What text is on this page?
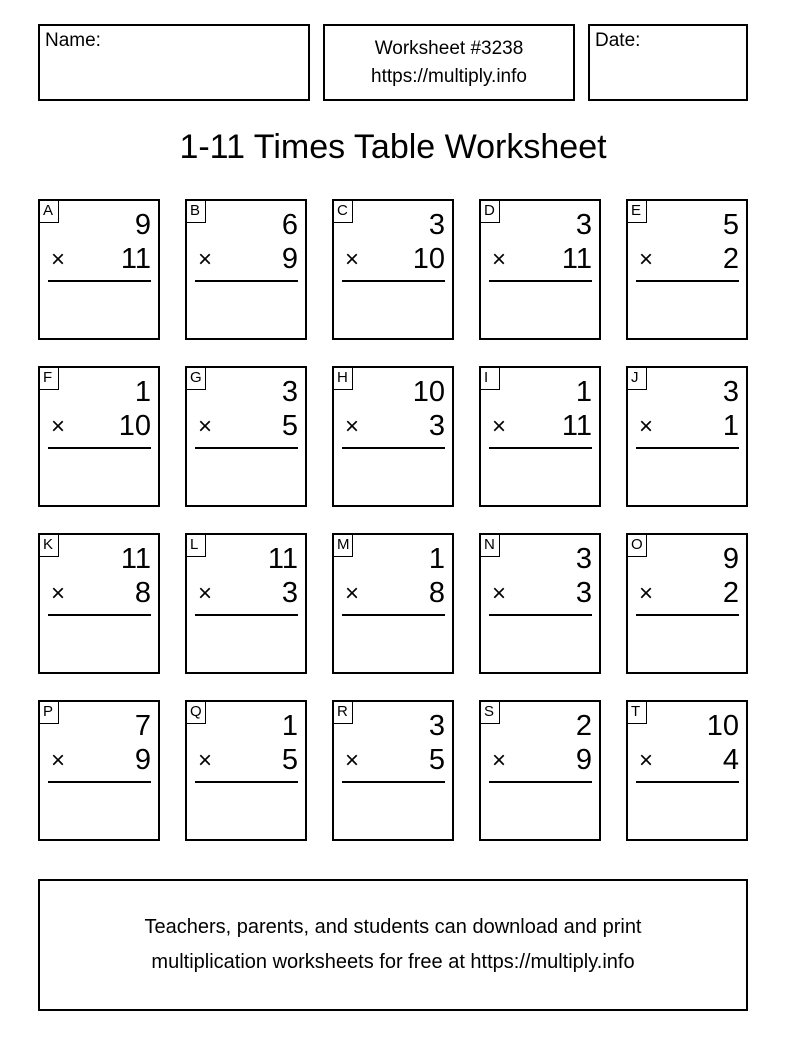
Name:	Worksheet #3238
https://multiply.info
Date:
1-11 Times Table Worksheet
A	9
× 11
B	6
× 9
C	3
× 10
D	3
× 11
E	5
× 2
F	1
× 10
G	3
× 5
H 10
× 3
I	1
× 11
J	3
× 1
K 11
× 8
L 11
× 3
M	1
× 8
N	3
× 3
O	9
× 2
P	7
× 9
Q	1
× 5
R	3
× 5
S	2
× 9
T 10
× 4
Teachers, parents, and students can download and print
multiplication worksheets for free at https://multiply.info
